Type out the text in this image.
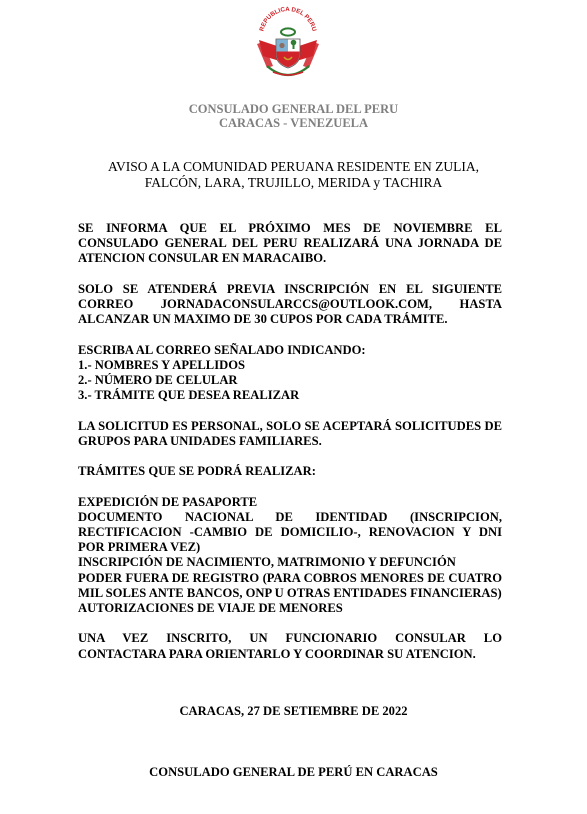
REPUBLICA DEL PERU
CONSULADO GENERAL DEL PERU
CARACAS - VENEZUELA
AVISO A LA COMUNIDAD PERUANA RESIDENTE EN ZULIA,
FALCÓN, LARA, TRUJILLO, MERIDA y TACHIRA

SE INFORMA QUE EL PRÓXIMO MES DE NOVIEMBRE EL CONSULADO GENERAL DEL PERU REALIZARÁ UNA JORNADA DE ATENCION CONSULAR EN MARACAIBO.

SOLO SE ATENDERÁ PREVIA INSCRIPCIÓN EN EL SIGUIENTE CORREO JORNADACONSULARCCS@OUTLOOK.COM, HASTA ALCANZAR UN MAXIMO DE 30 CUPOS POR CADA TRÁMITE.

ESCRIBA AL CORREO SEÑALADO INDICANDO:
1.- NOMBRES Y APELLIDOS
2.- NÚMERO DE CELULAR
3.- TRÁMITE QUE DESEA REALIZAR

LA SOLICITUD ES PERSONAL, SOLO SE ACEPTARÁ SOLICITUDES DE GRUPOS PARA UNIDADES FAMILIARES.

TRÁMITES QUE SE PODRÁ REALIZAR:
EXPEDICIÓN DE PASAPORTE

DOCUMENTO NACIONAL DE IDENTIDAD (INSCRIPCION, RECTIFICACION -CAMBIO DE DOMICILIO-, RENOVACION Y DNI POR PRIMERA VEZ)

INSCRIPCIÓN DE NACIMIENTO, MATRIMONIO Y DEFUNCIÓN

PODER FUERA DE REGISTRO (PARA COBROS MENORES DE CUATRO MIL SOLES ANTE BANCOS, ONP U OTRAS ENTIDADES FINANCIERAS)

AUTORIZACIONES DE VIAJE DE MENORES

UNA VEZ INSCRITO, UN FUNCIONARIO CONSULAR LO CONTACTARA PARA ORIENTARLO Y COORDINAR SU ATENCION.

CARACAS, 27 DE SETIEMBRE DE 2022
CONSULADO GENERAL DE PERÚ EN CARACAS
